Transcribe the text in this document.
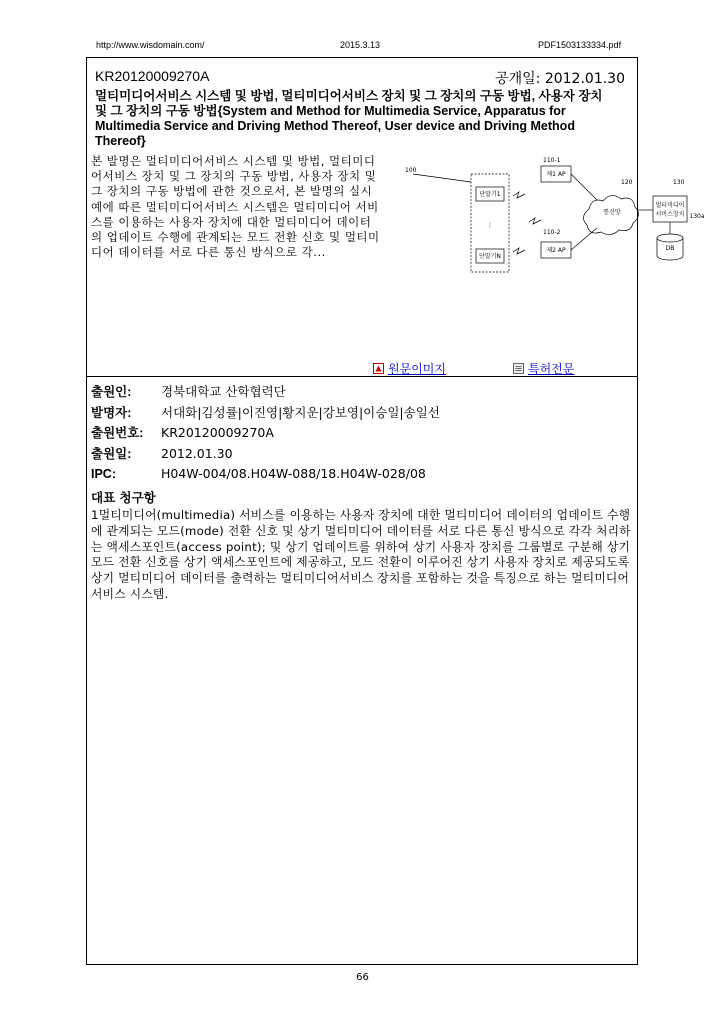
http://www.wisdomain.com/	2015.3.13	PDF1503133334.pdf
KR20120009270A	공개일: 2012.01.30
멀티미디어서비스 시스템 및 방법, 멀티미디어서비스 장치 및 그 장치의 구동 방법, 사용자 장치 및 그 장치의 구동 방법{System and Method for Multimedia Service, Apparatus for Multimedia Service and Driving Method Thereof, User device and Driving Method Thereof}
본 발명은 멀티미디어서비스 시스템 및 방법, 멀티미디어서비스 장치 및 그 장치의 구동 방법, 사용자 장치 및 그 장치의 구동 방법에 관한 것으로서, 본 발명의 실시예에 따른 멀티미디어서비스 시스템은 멀티미디어 서비스를 이용하는 사용자 장치에 대한 멀티미디어 데이터의 업데이트 수행에 관계되는 모드 전환 신호 및 멀티미디어 데이터를 서로 다른 통신 방식으로 각...
100
110-1
110-2
120	130
단말기1
⋮
단말기N
제1 AP
제2 AP
통신망
멀티미디어
서비스장치
DB
130a
원문이미지	특허전문
출원인: 경북대학교 산학협력단
발명자: 서대화|김성률|이진영|황지운|강보영|이승일|송일선
출원번호: KR20120009270A
출원일: 2012.01.30
IPC:	H04W-004/08.H04W-088/18.H04W-028/08
대표 청구항
1멀티미디어(multimedia) 서비스를 이용하는 사용자 장치에 대한 멀티미디어 데이터의 업데이트 수행에 관계되는 모드(mode) 전환 신호 및 상기 멀티미디어 데이터를 서로 다른 통신 방식으로 각각 처리하는 액세스포인트(access point); 및 상기 업데이트를 위하여 상기 사용자 장치를 그룹별로 구분해 상기 모드 전환 신호를 상기 액세스포인트에 제공하고, 모드 전환이 이루어진 상기 사용자 장치로 제공되도록 상기 멀티미디어 데이터를 출력하는 멀티미디어서비스 장치를 포함하는 것을 특징으로 하는 멀티미디어서비스 시스템.
66
